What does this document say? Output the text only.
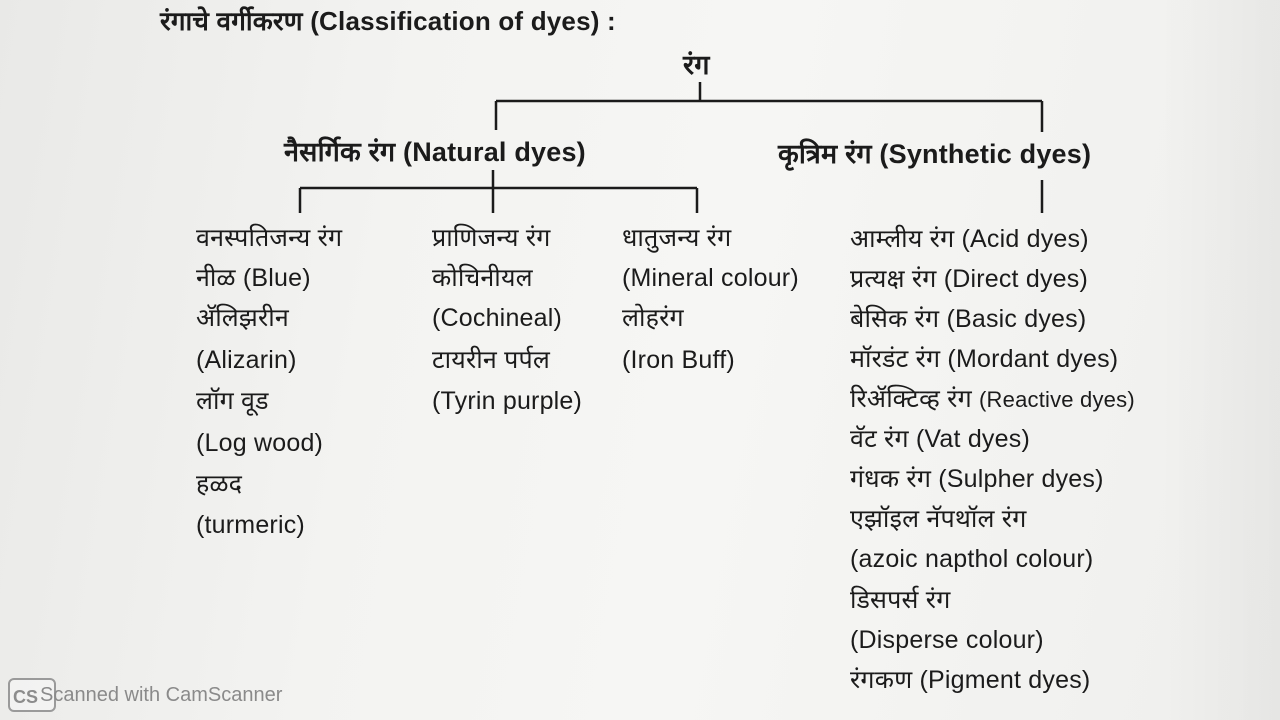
रंगाचे वर्गीकरण (Classification of dyes) :
रंग
नैसर्गिक रंग (Natural dyes)	कृत्रिम रंग (Synthetic dyes)
वनस्पतिजन्य रंग
नीळ (Blue)
अ‍ॅलिझरीन
(Alizarin)
लॉग वूड
(Log wood)
हळद
(turmeric)
प्राणिजन्य रंग
कोचिनीयल
(Cochineal)
टायरीन पर्पल
(Tyrin purple)
धातुजन्य रंग
(Mineral colour)
लोहरंग
(Iron Buff)
आम्लीय रंग (Acid dyes)
प्रत्यक्ष रंग (Direct dyes)
बेसिक रंग (Basic dyes)
मॉरडंट रंग (Mordant dyes)
रिॲक्टिव्ह रंग (Reactive dyes)
वॅट रंग (Vat dyes)
गंधक रंग (Sulpher dyes)
एझॉइल नॅपथॉल रंग
(azoic napthol colour)
डिसपर्स रंग
(Disperse colour)
रंगकण (Pigment dyes)
CS Scanned with CamScanner
